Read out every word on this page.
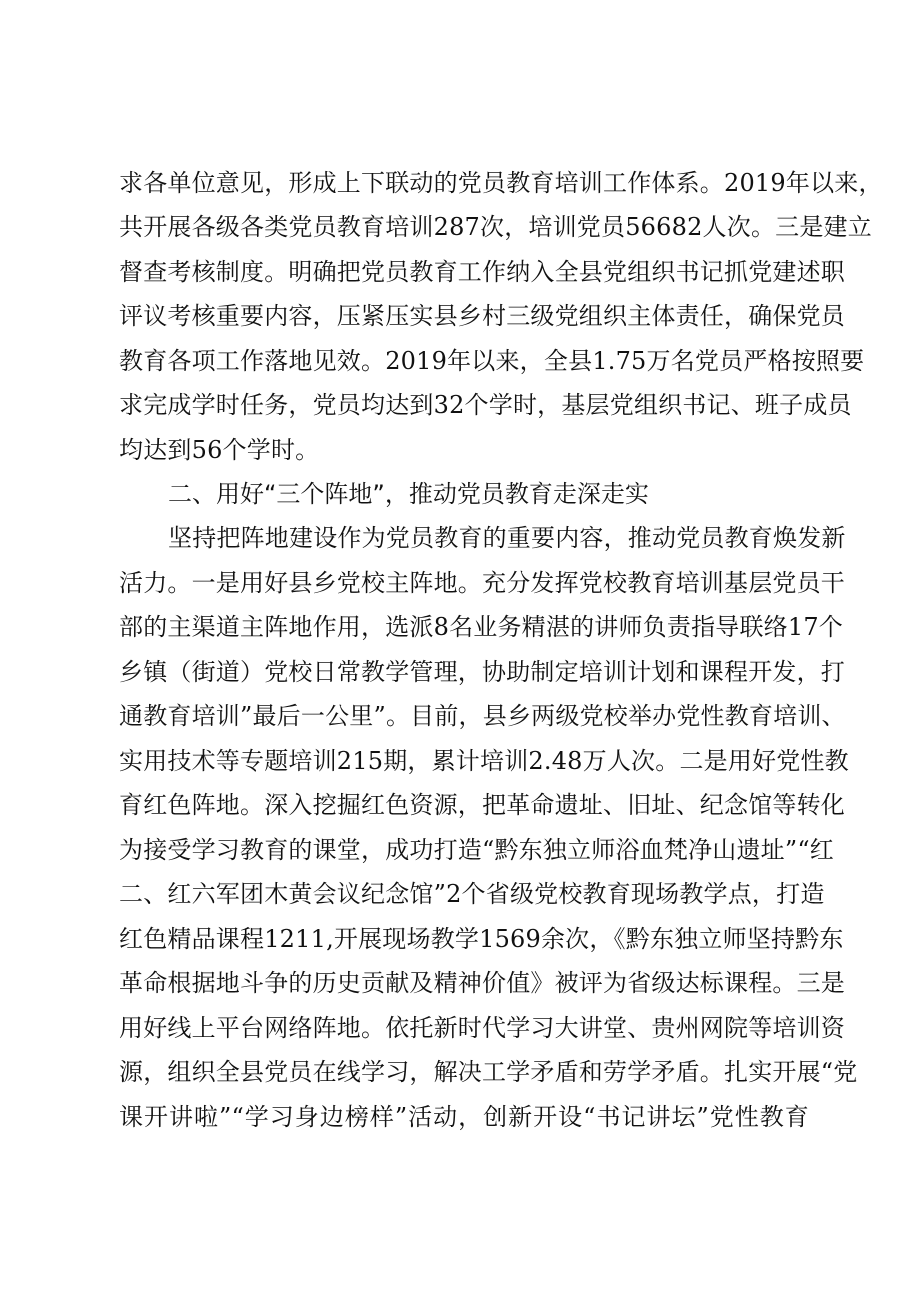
求各单位意见，形成上下联动的党员教育培训工作体系。2019年以来，
共开展各级各类党员教育培训287次，培训党员56682人次。三是建立
督查考核制度。明确把党员教育工作纳入全县党组织书记抓党建述职
评议考核重要内容，压紧压实县乡村三级党组织主体责任，确保党员
教育各项工作落地见效。2019年以来，全县1.75万名党员严格按照要
求完成学时任务，党员均达到32个学时，基层党组织书记、班子成员
均达到56个学时。
二、用好“三个阵地”，推动党员教育走深走实
坚持把阵地建设作为党员教育的重要内容，推动党员教育焕发新
活力。一是用好县乡党校主阵地。充分发挥党校教育培训基层党员干
部的主渠道主阵地作用，选派8名业务精湛的讲师负责指导联络17个
乡镇（街道）党校日常教学管理，协助制定培训计划和课程开发，打
通教育培训”最后一公里”。目前，县乡两级党校举办党性教育培训、
实用技术等专题培训215期，累计培训2.48万人次。二是用好党性教
育红色阵地。深入挖掘红色资源，把革命遗址、旧址、纪念馆等转化
为接受学习教育的课堂，成功打造“黔东独立师浴血梵净山遗址”“红
二、红六军团木黄会议纪念馆”2个省级党校教育现场教学点，打造
红色精品课程1211,开展现场教学1569余次，《黔东独立师坚持黔东
革命根据地斗争的历史贡献及精神价值》被评为省级达标课程。三是
用好线上平台网络阵地。依托新时代学习大讲堂、贵州网院等培训资
源，组织全县党员在线学习，解决工学矛盾和劳学矛盾。扎实开展“党
课开讲啦”“学习身边榜样”活动，创新开设“书记讲坛”党性教育
